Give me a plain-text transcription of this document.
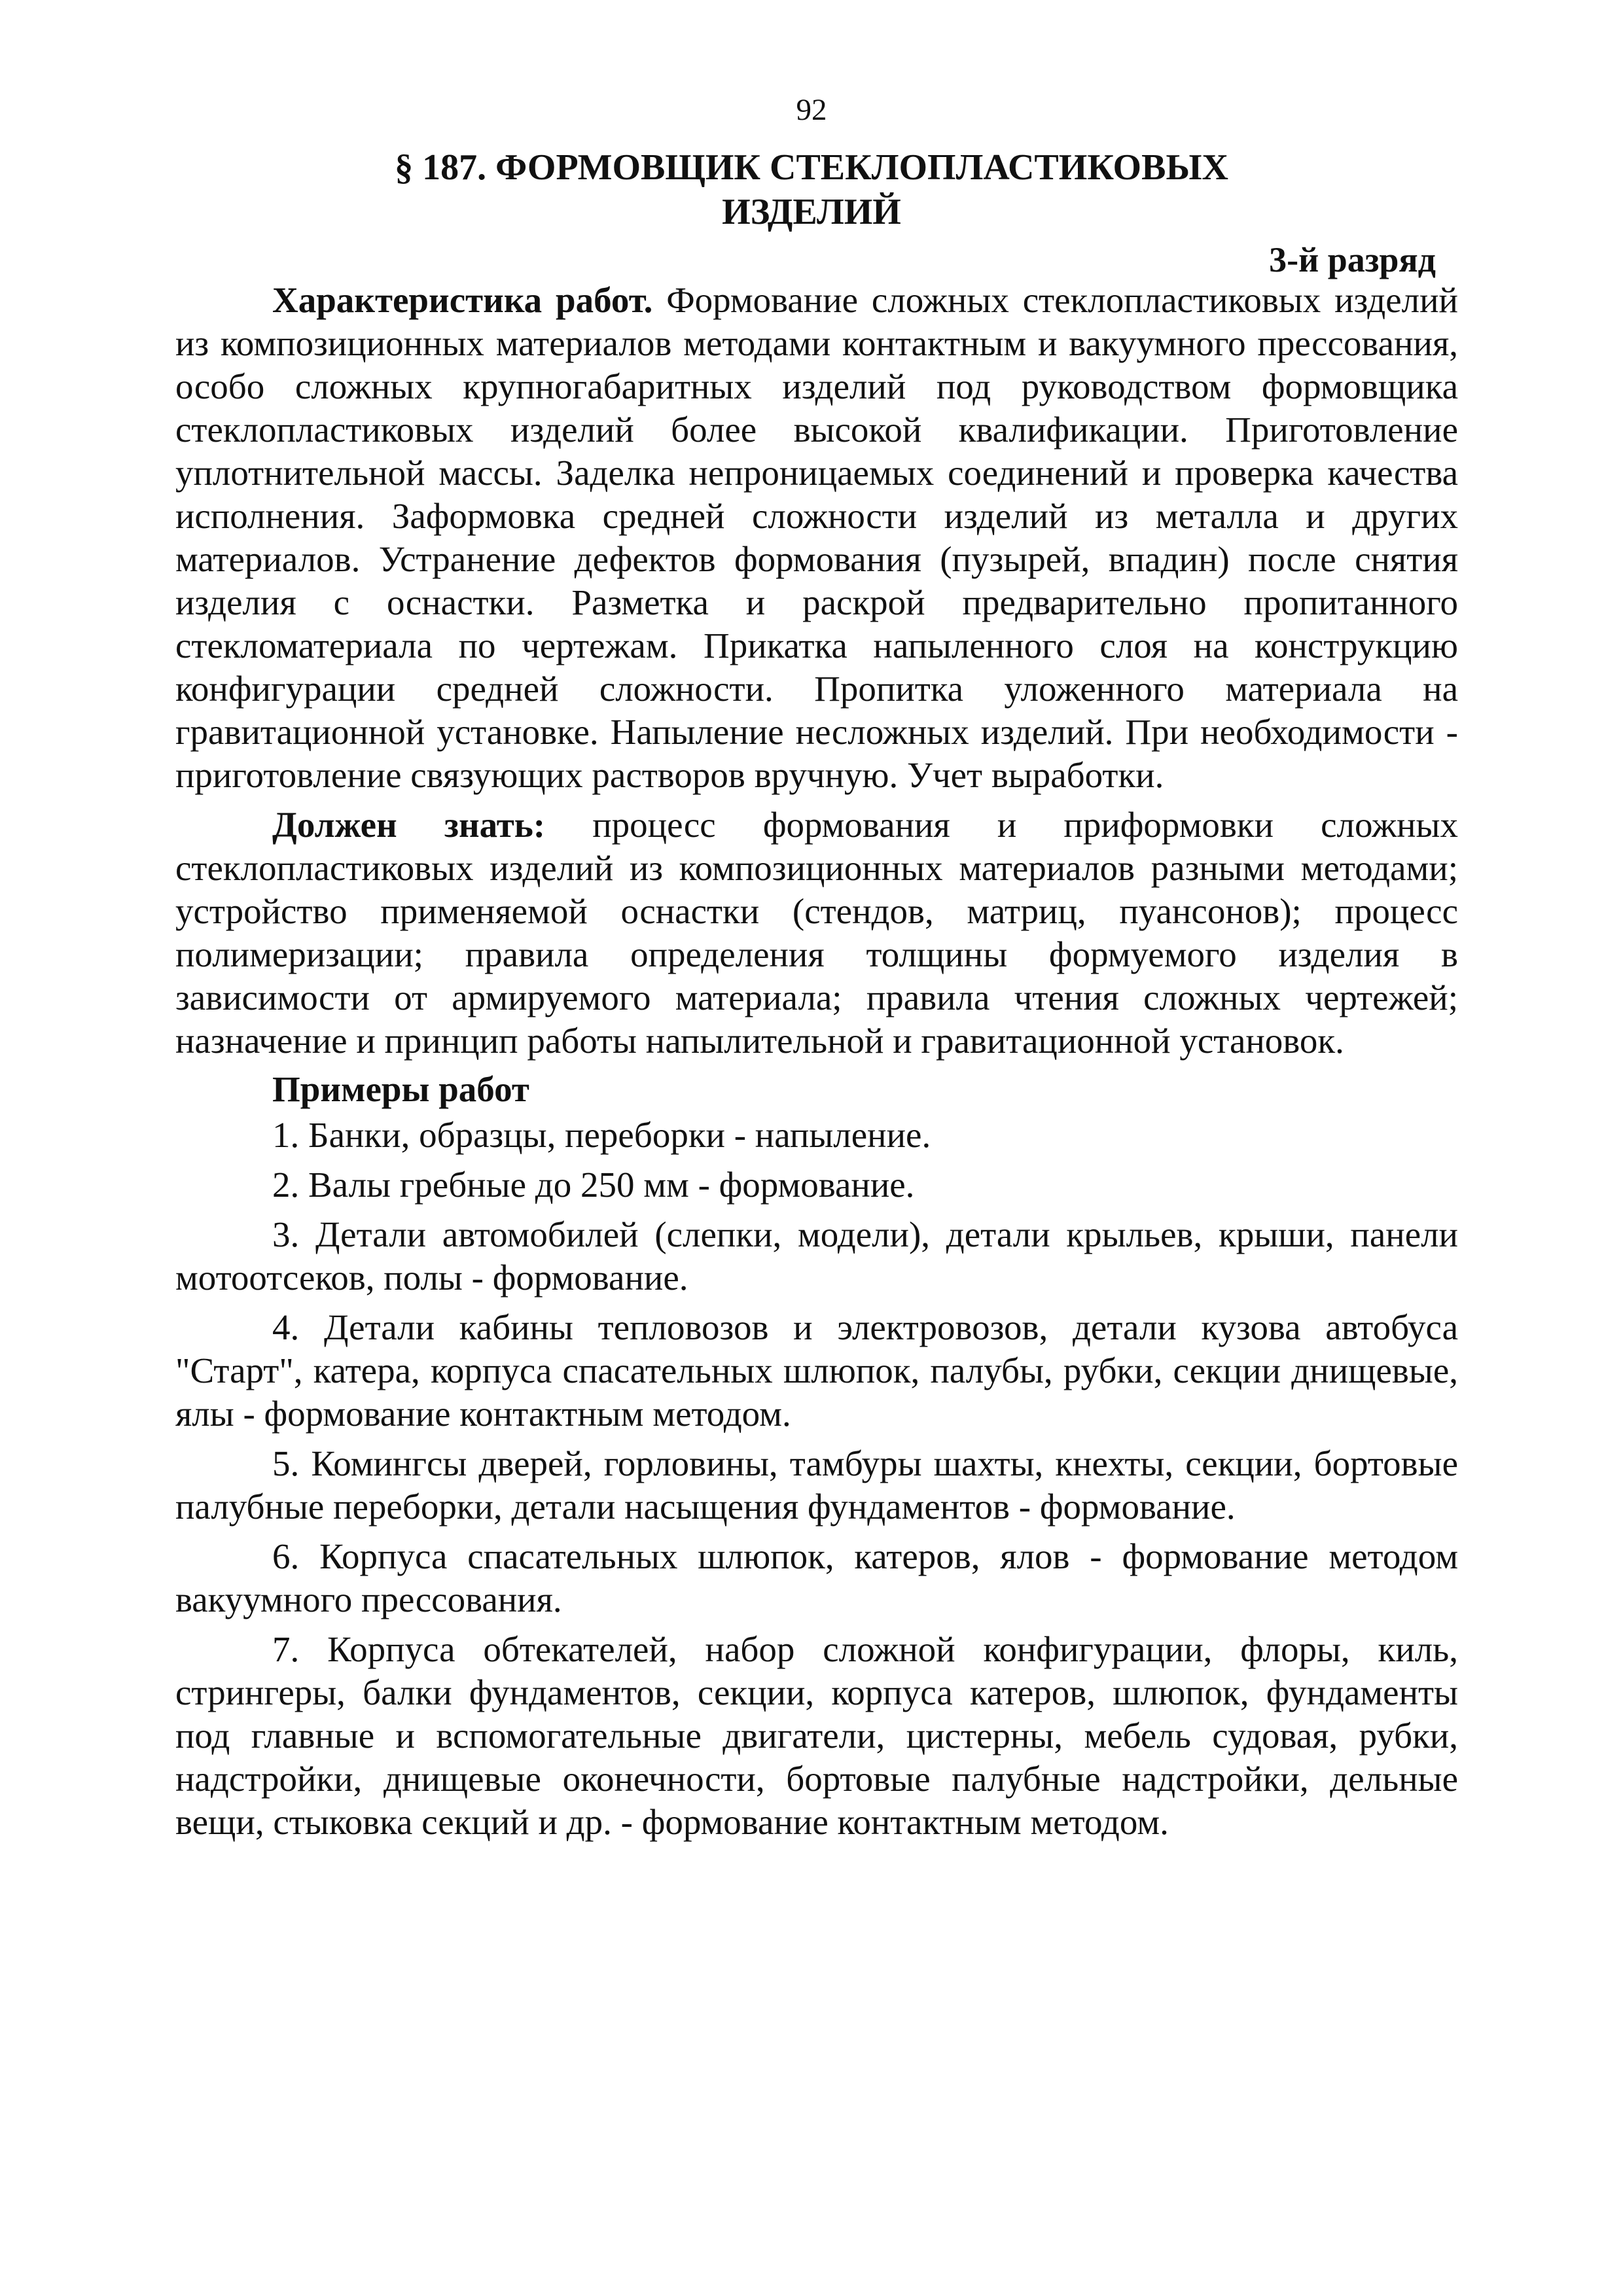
92
§ 187. ФОРМОВЩИК СТЕКЛОПЛАСТИКОВЫХ
ИЗДЕЛИЙ
3-й разряд

Характеристика работ. Формование сложных стеклопластиковых изделий из композиционных материалов методами контактным и вакуумного прессования, особо сложных крупногабаритных изделий под руководством формовщика стеклопластиковых изделий более высокой квалификации. Приготовление уплотнительной массы. Заделка непроницаемых соединений и проверка качества исполнения. Заформовка средней сложности изделий из металла и других материалов. Устранение дефектов формования (пузырей, впадин) после снятия изделия с оснастки. Разметка и раскрой предварительно пропитанного стекломатериала по чертежам. Прикатка напыленного слоя на конструкцию конфигурации средней сложности. Пропитка уложенного материала на гравитационной установке. Напыление несложных изделий. При необходимости - приготовление связующих растворов вручную. Учет выработки.

Должен знать: процесс формования и приформовки сложных стеклопластиковых изделий из композиционных материалов разными методами; устройство применяемой оснастки (стендов, матриц, пуансонов); процесс полимеризации; правила определения толщины формуемого изделия в зависимости от армируемого материала; правила чтения сложных чертежей; назначение и принцип работы напылительной и гравитационной установок.

Примеры работ

1. Банки, образцы, переборки - напыление.

2. Валы гребные до 250 мм - формование.

3. Детали автомобилей (слепки, модели), детали крыльев, крыши, панели мотоотсеков, полы - формование.

4. Детали кабины тепловозов и электровозов, детали кузова автобуса "Старт", катера, корпуса спасательных шлюпок, палубы, рубки, секции днищевые, ялы - формование контактным методом.

5. Комингсы дверей, горловины, тамбуры шахты, кнехты, секции, бортовые палубные переборки, детали насыщения фундаментов - формование.

6. Корпуса спасательных шлюпок, катеров, ялов - формование методом вакуумного прессования.

7. Корпуса обтекателей, набор сложной конфигурации, флоры, киль, стрингеры, балки фундаментов, секции, корпуса катеров, шлюпок, фундаменты под главные и вспомогательные двигатели, цистерны, мебель судовая, рубки, надстройки, днищевые оконечности, бортовые палубные надстройки, дельные вещи, стыковка секций и др. - формование контактным методом.
